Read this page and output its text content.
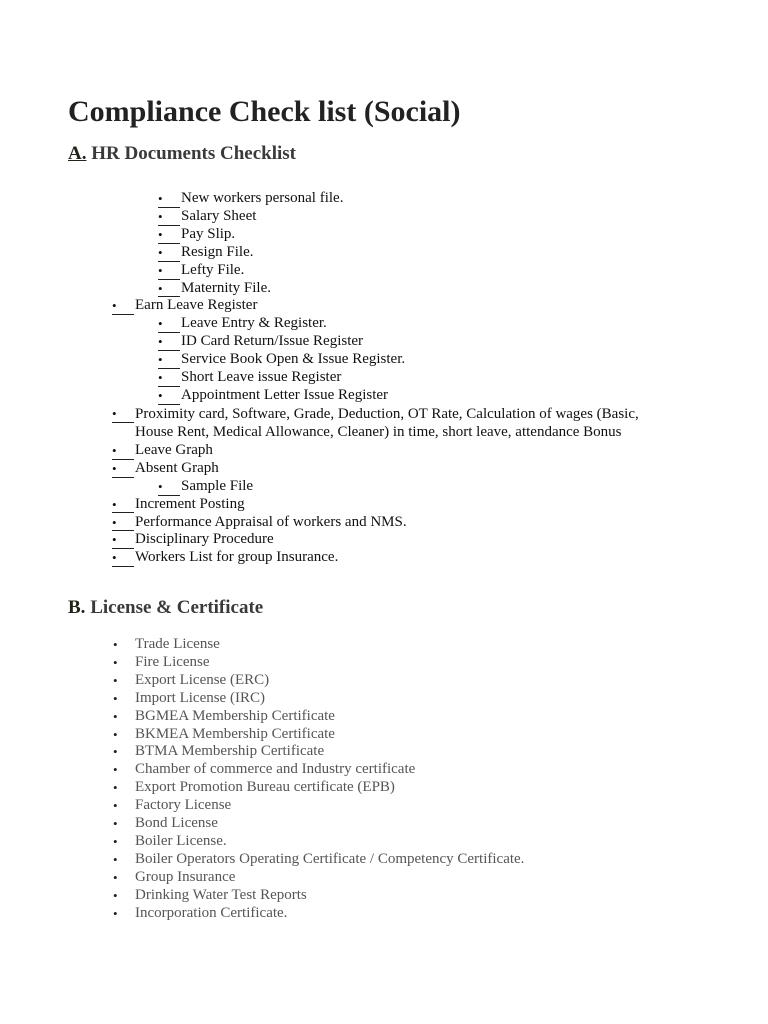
Compliance Check list (Social)
A. HR Documents Checklist
•	New workers personal file.
•	Salary Sheet
•	Pay Slip.
•	Resign File.
•	Lefty File.
•	Maternity File.
•	Earn Leave Register
•	Leave Entry & Register.
•	ID Card Return/Issue Register
•	Service Book Open & Issue Register.
•	Short Leave issue Register
•	Appointment Letter Issue Register
•	Proximity card, Software, Grade, Deduction, OT Rate, Calculation of wages (Basic, House Rent, Medical Allowance, Cleaner) in time, short leave, attendance Bonus
•	Leave Graph
•	Absent Graph
•	Sample File
•	Increment Posting
•	Performance Appraisal of workers and NMS.
•	Disciplinary Procedure
•	Workers List for group Insurance.
B. License & Certificate
• Trade License
• Fire License
• Export License (ERC)
• Import License (IRC)
• BGMEA Membership Certificate
• BKMEA Membership Certificate
• BTMA Membership Certificate
• Chamber of commerce and Industry certificate
• Export Promotion Bureau certificate (EPB)
• Factory License
• Bond License
• Boiler License.
• Boiler Operators Operating Certificate / Competency Certificate.
• Group Insurance
• Drinking Water Test Reports
• Incorporation Certificate.
